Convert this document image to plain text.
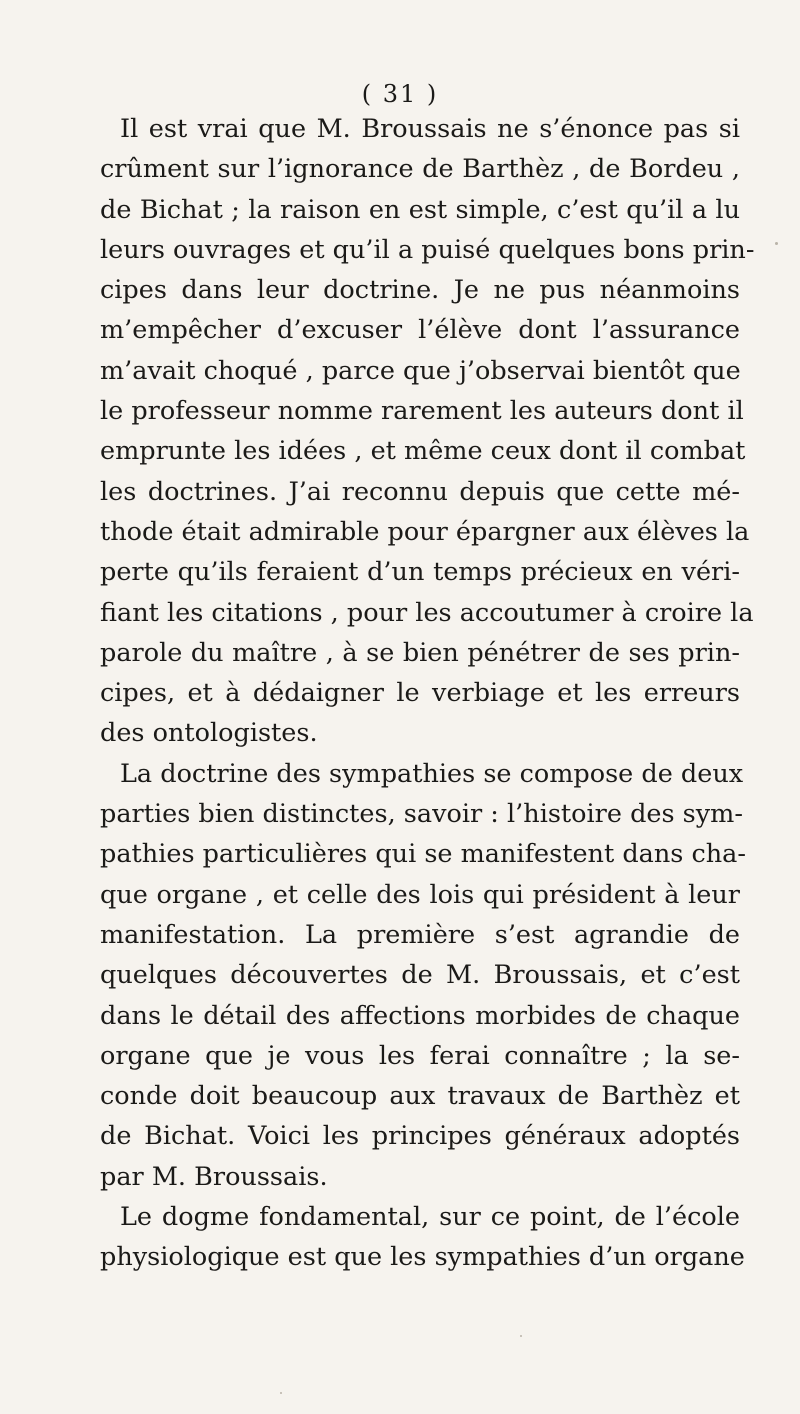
( 31 )
Il est vrai que M. Broussais ne s’énonce pas si
crûment sur l’ignorance de Barthèz , de Bordeu ,
de Bichat ; la raison en est simple, c’est qu’il a lu
leurs ouvrages et qu’il a puisé quelques bons prin-
cipes dans leur doctrine. Je ne pus néanmoins
m’empêcher d’excuser l’élève dont l’assurance
m’avait choqué , parce que j’observai bientôt que
le professeur nomme rarement les auteurs dont il
emprunte les idées , et même ceux dont il combat
les doctrines. J’ai reconnu depuis que cette mé-
thode était admirable pour épargner aux élèves la
perte qu’ils feraient d’un temps précieux en véri-
fiant les citations , pour les accoutumer à croire la
parole du maître , à se bien pénétrer de ses prin-
cipes, et à dédaigner le verbiage et les erreurs
des ontologistes.
La doctrine des sympathies se compose de deux
parties bien distinctes, savoir : l’histoire des sym-
pathies particulières qui se manifestent dans cha-
que organe , et celle des lois qui président à leur
manifestation. La première s’est agrandie de
quelques découvertes de M. Broussais, et c’est
dans le détail des affections morbides de chaque
organe que je vous les ferai connaître ; la se-
conde doit beaucoup aux travaux de Barthèz et
de Bichat. Voici les principes généraux adoptés
par M. Broussais.
Le dogme fondamental, sur ce point, de l’école
physiologique est que les sympathies d’un organe
